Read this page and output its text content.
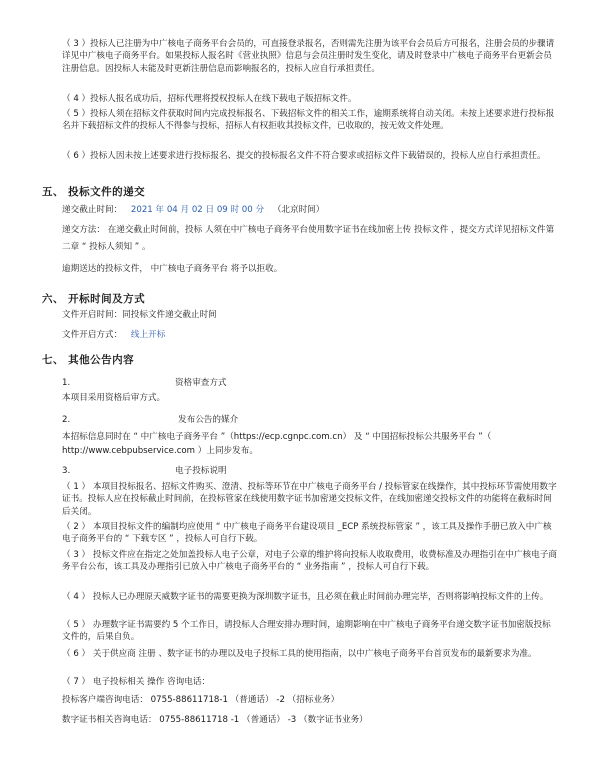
（ 3 ）投标人已注册为中广核电子商务平台会员的，可直接登录报名，否则需先注册为该平台会员后方可报名，注册会员的步骤请详见中广核电子商务平台。如果投标人报名时《营业执照》信息与会员注册时发生变化，请及时登录中广核电子商务平台更新会员注册信息。因投标人未能及时更新注册信息而影响报名的，投标人应自行承担责任。
（ 4 ）投标人报名成功后，招标代理将授权投标人在线下载电子版招标文件。
（ 5 ）投标人须在招标文件获取时间内完成投标报名、下载招标文件的相关工作，逾期系统将自动关闭。未按上述要求进行投标报名并下载招标文件的投标人不得参与投标，招标人有权拒收其投标文件，已收取的，按无效文件处理。
（ 6 ）投标人因未按上述要求进行投标报名、提交的投标报名文件不符合要求或招标文件下载错误的，投标人应自行承担责任。
五、 投标文件的递交
递交截止时间： 2021 年 04 月 02 日 09 时 00 分 （北京时间）
递交方法： 在递交截止时间前，投标 人须在中广核电子商务平台使用数字证书在线加密上传 投标文件 ，提交方式详见招标文件第二章 “ 投标人须知 ” 。
逾期送达的投标文件， 中广核电子商务平台 将予以拒收。
六、 开标时间及方式
文件开启时间：同投标文件递交截止时间
文件开启方式： 线上开标
七、 其他公告内容
1.	资格审查方式
本项目采用资格后审方式。
2.	发布公告的媒介
本招标信息同时在 “ 中广核电子商务平台 ”（https://ecp.cgnpc.com.cn） 及 “ 中国招标投标公共服务平台 ”（ http://www.cebpubservice.com ）上同步发布。
3.	电子投标说明
（ 1 ） 本项目投标报名、招标文件购买、澄清、投标等环节在中广核电子商务平台 / 投标管家在线操作，其中投标环节需使用数字证书。投标人应在投标截止时间前，在投标管家在线使用数字证书加密递交投标文件，在线加密递交投标文件的功能将在截标时间后关闭。
（ 2 ） 本项目投标文件的编制均应使用 “ 中广核电子商务平台建设项目 _ECP 系统投标管家 ” ，该工具及操作手册已放入中广核电子商务平台的 “ 下载专区 ” ，投标人可自行下载。
（ 3 ） 投标文件应在指定之处加盖投标人电子公章，对电子公章的维护将向投标人收取费用，收费标准及办理指引在中广核电子商务平台公布，该工具及办理指引已放入中广核电子商务平台的 “ 业务指南 ” ，投标人可自行下载。
（ 4 ） 投标人已办理原天威数字证书的需要更换为深圳数字证书，且必须在截止时间前办理完毕，否则将影响投标文件的上传。
（ 5 ） 办理数字证书需要约 5 个工作日，请投标人合理安排办理时间，逾期影响在中广核电子商务平台递交数字证书加密版投标文件的，后果自负。
（ 6 ） 关于供应商 注册 、数字证书的办理以及电子投标工具的使用指南，以中广核电子商务平台首页发布的最新要求为准。
（ 7 ） 电子投标相关 操作 咨询电话：
投标客户端咨询电话： 0755-88611718-1 （普通话） -2 （招标业务）
数字证书相关咨询电话： 0755-88611718 -1 （普通话） -3 （数字证书业务）
